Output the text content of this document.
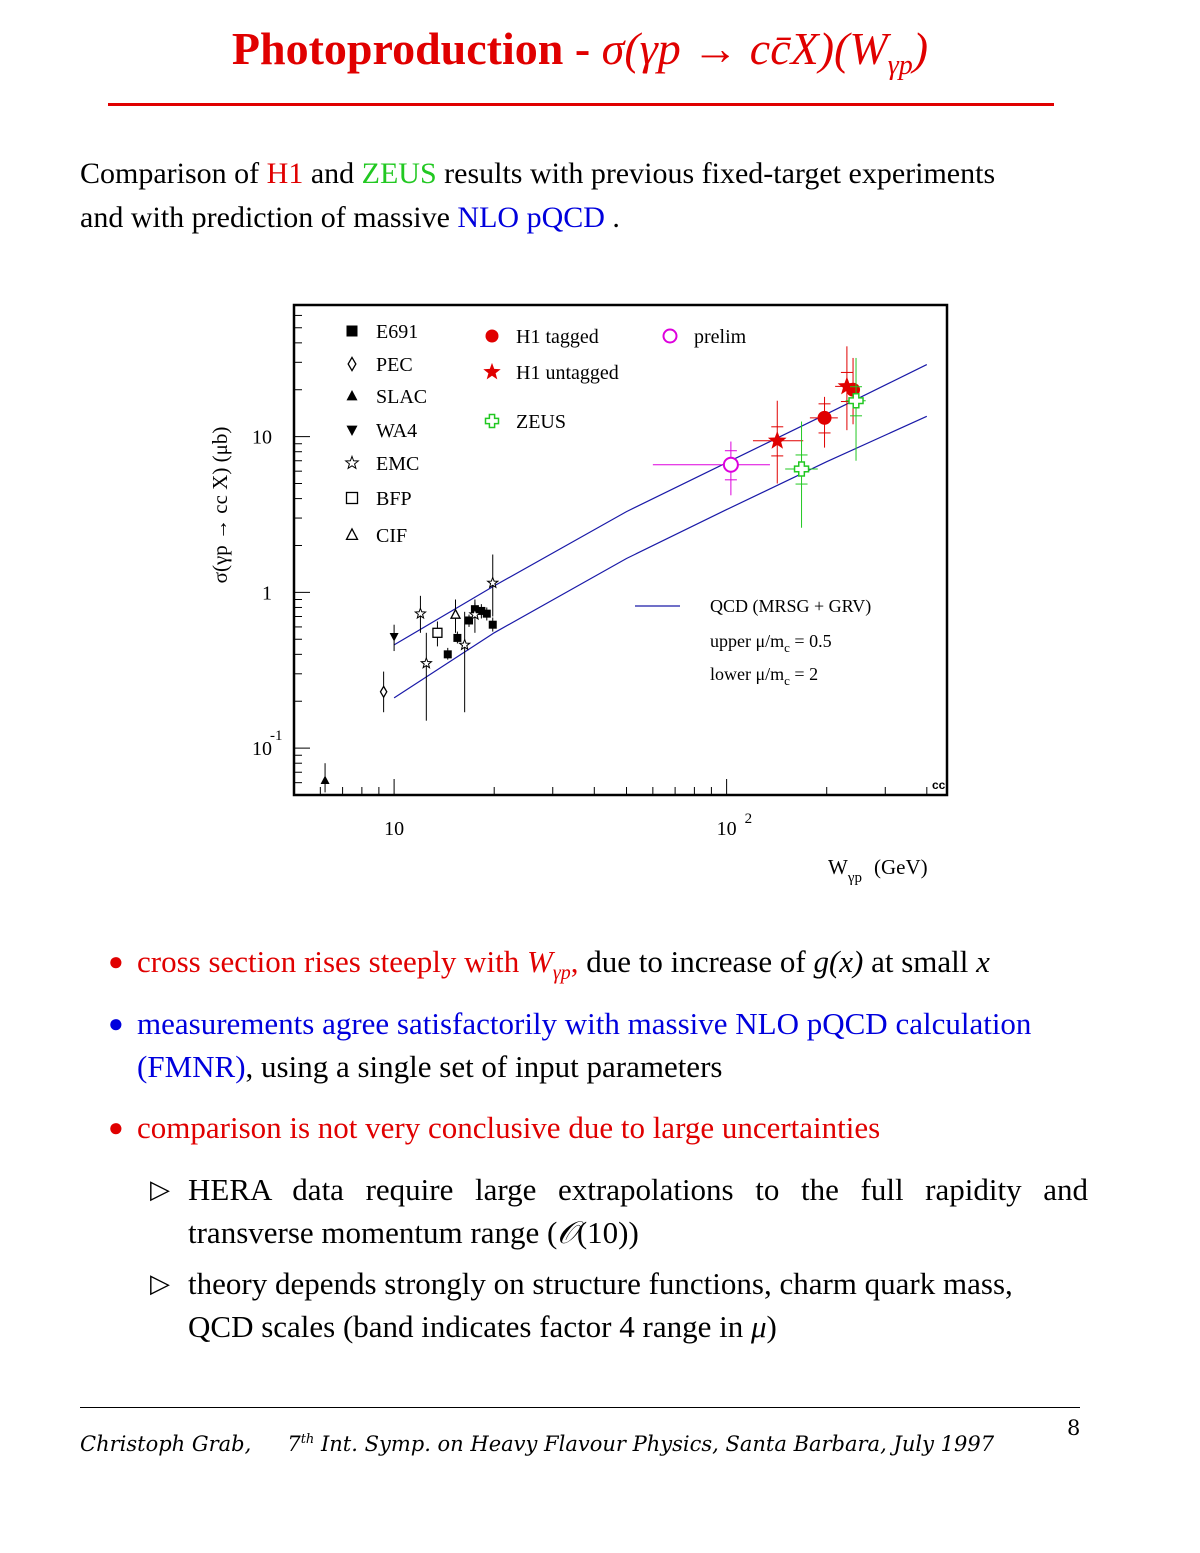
Photoproduction - $\sigma(\gamma p \to cc̄X)(W_{\gamma p})$
Comparison of H1 and ZEUS results with previous fixed-target experiments
and with prediction of massive NLO pQCD .
10	10 2
10
-1
1
10
E691
PEC
SLAC
WA4
EMC
BFP
CIF
H1 tagged
H1 untagged
ZEUS
prelim
QCD (MRSG + GRV)
upper $\mu/m_c = 0.5$
lower $\mu/m_c = 2$
σ(γp → cc X) (μb)
$W_{\gamma p}$ (GeV)
cc
● cross section rises steeply with $W_{\gamma p}$, due to increase of g(x) at small x
● measurements agree satisfactorily with massive NLO pQCD calculation
(FMNR), using a single set of input parameters
● comparison is not very conclusive due to large uncertainties
▷ HERA data require large extrapolations to the full rapidity and
transverse momentum range (𝒪(10))
▷ theory depends strongly on structure functions, charm quark mass,
QCD scales (band indicates factor 4 range in μ)
Christoph Grab, 7th Int. Symp. on Heavy Flavour Physics, Santa Barbara, July 1997
8
